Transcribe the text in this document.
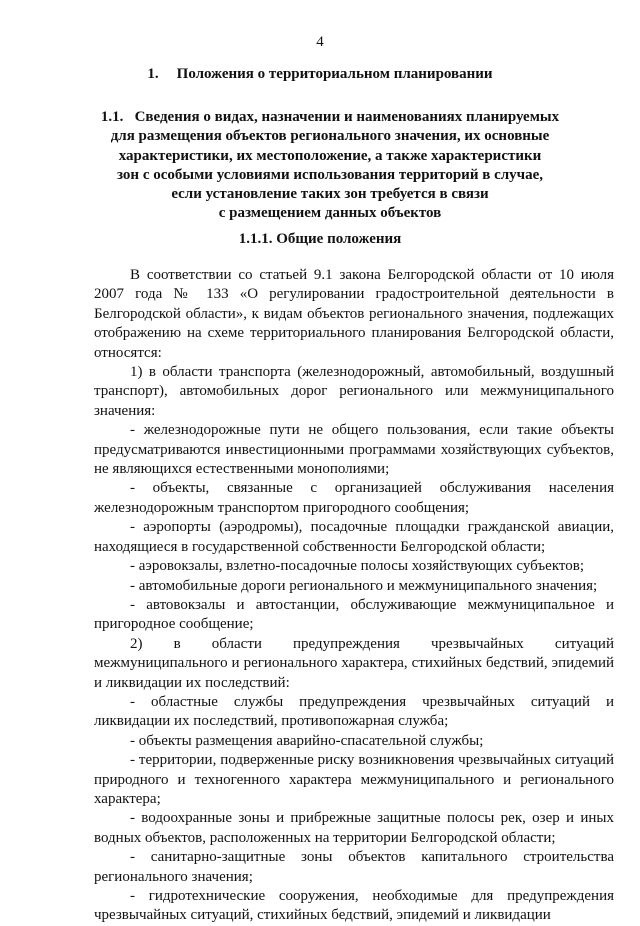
4
1. Положения о территориальном планировании
1.1. Сведения о видах, назначении и наименованиях планируемых
для размещения объектов регионального значения, их основные
характеристики, их местоположение, а также характеристики
зон с особыми условиями использования территорий в случае,
если установление таких зон требуется в связи
с размещением данных объектов
1.1.1. Общие положения

В соответствии со статьей 9.1 закона Белгородской области от 10 июля 2007 года № 133 «О регулировании градостроительной деятельности в Белгородской области», к видам объектов регионального значения, подлежащих отображению на схеме территориального планирования Белгородской области, относятся:

1) в области транспорта (железнодорожный, автомобильный, воздушный транспорт), автомобильных дорог регионального или межмуниципального значения:

- железнодорожные пути не общего пользования, если такие объекты предусматриваются инвестиционными программами хозяйствующих субъектов, не являющихся естественными монополиями;

- объекты, связанные с организацией обслуживания населения железнодорожным транспортом пригородного сообщения;

- аэропорты (аэродромы), посадочные площадки гражданской авиации, находящиеся в государственной собственности Белгородской области;

- аэровокзалы, взлетно-посадочные полосы хозяйствующих субъектов;

- автомобильные дороги регионального и межмуниципального значения;

- автовокзалы и автостанции, обслуживающие межмуниципальное и пригородное сообщение;

2) в области предупреждения чрезвычайных ситуаций межмуниципального и регионального характера, стихийных бедствий, эпидемий и ликвидации их последствий:

- областные службы предупреждения чрезвычайных ситуаций и ликвидации их последствий, противопожарная служба;

- объекты размещения аварийно-спасательной службы;

- территории, подверженные риску возникновения чрезвычайных ситуаций природного и техногенного характера межмуниципального и регионального характера;

- водоохранные зоны и прибрежные защитные полосы рек, озер и иных водных объектов, расположенных на территории Белгородской области;

- санитарно-защитные зоны объектов капитального строительства регионального значения;

- гидротехнические сооружения, необходимые для предупреждения чрезвычайных ситуаций, стихийных бедствий, эпидемий и ликвидации
